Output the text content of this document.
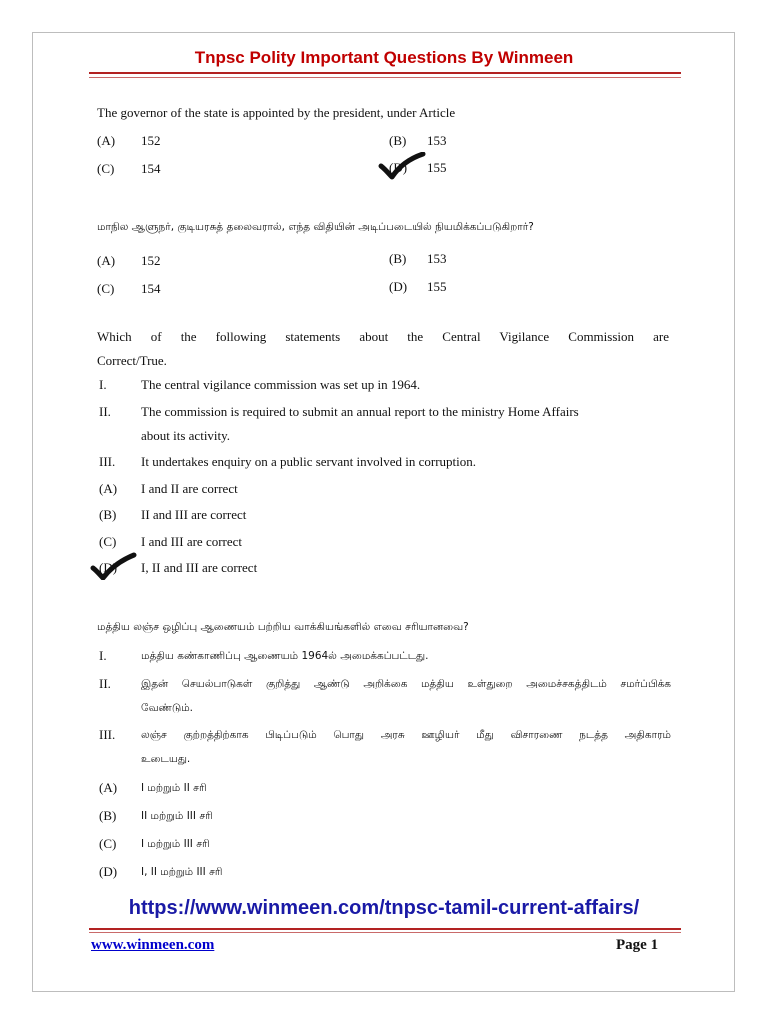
Tnpsc Polity Important Questions By Winmeen
The governor of the state is appointed by the president, under Article
(A) 152	(B) 153
(C) 154	(D) 155
மாநில ஆளுநர், குடியரசுத் தலைவரால், எந்த விதியின் அடிப்படையில் நியமிக்கப்படுகிறார்?
(A) 152	(B) 153
(C) 154	(D) 155
Which of the following statements about the Central Vigilance Commission are
Correct/True.
I.	The central vigilance commission was set up in 1964.
II. The commission is required to submit an annual report to the ministry Home Affairs
about its activity.
III. It undertakes enquiry on a public servant involved in corruption.
(A) I and II are correct
(B) II and III are correct
(C) I and III are correct
(D) I, II and III are correct
மத்திய லஞ்ச ஒழிப்பு ஆணையம் பற்றிய வாக்கியங்களில் எவை சரியானவை?
I.	மத்திய கண்காணிப்பு ஆணையம் 1964ல் அமைக்கப்பட்டது.
II.	இதன் செயல்பாடுகள் குறித்து ஆண்டு அறிக்கை மத்திய உள்துறை அமைச்சகத்திடம் சமர்ப்பிக்க
வேண்டும்.
III. லஞ்ச குற்றத்திற்காக பிடிப்படும் பொது அரசு ஊழியர் மீது விசாரணை நடத்த அதிகாரம்
உடையது.
(A) I மற்றும் II சரி
(B) II மற்றும் III சரி
(C) I மற்றும் III சரி
(D) I, II மற்றும் III சரி
https://www.winmeen.com/tnpsc-tamil-current-affairs/
www.winmeen.com	Page 1
